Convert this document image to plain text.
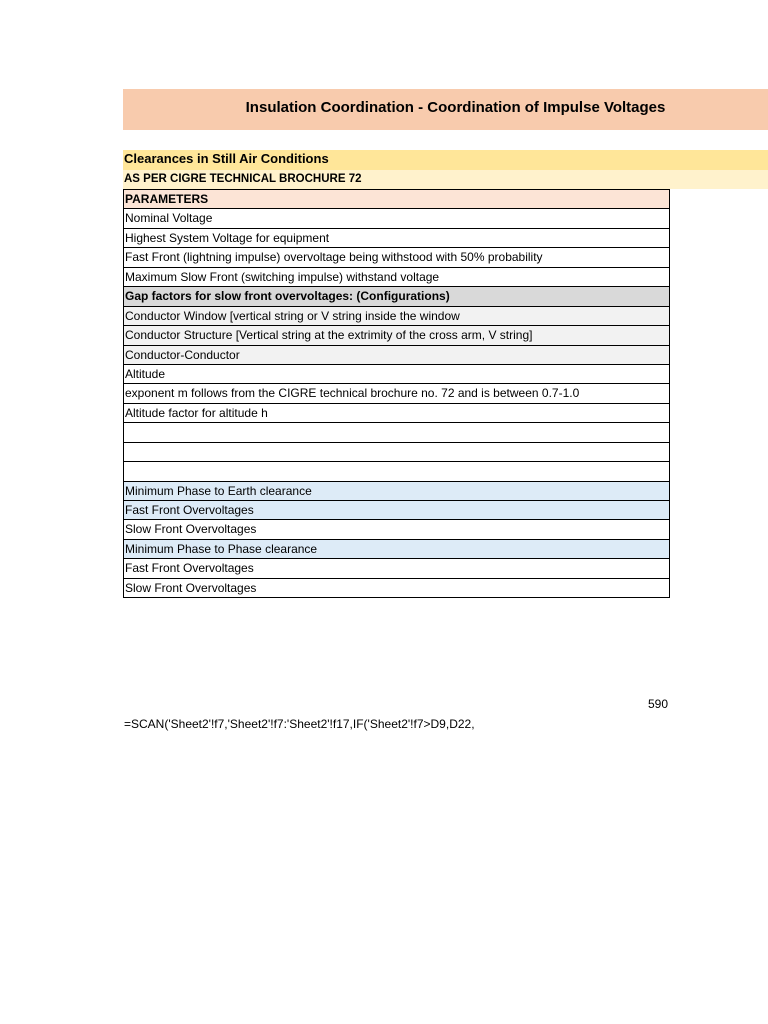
Insulation Coordination - Coordination of Impulse Voltages
Clearances in Still Air Conditions
AS PER CIGRE TECHNICAL BROCHURE 72
PARAMETERS
Nominal Voltage
Highest System Voltage for equipment
Fast Front (lightning impulse) overvoltage being withstood with 50% probability
Maximum Slow Front (switching impulse) withstand voltage
Gap factors for slow front overvoltages: (Configurations)
Conductor Window [vertical string or V string inside the window
Conductor Structure [Vertical string at the extrimity of the cross arm, V string]
Conductor-Conductor
Altitude
exponent m follows from the CIGRE technical brochure no. 72 and is between 0.7-1.0
Altitude factor for altitude h
Minimum Phase to Earth clearance
Fast Front Overvoltages
Slow Front Overvoltages
Minimum Phase to Phase clearance
Fast Front Overvoltages
Slow Front Overvoltages
590
=SCAN('Sheet2'!f7,'Sheet2'!f7:'Sheet2'!f17,IF('Sheet2'!f7>D9,D22,
